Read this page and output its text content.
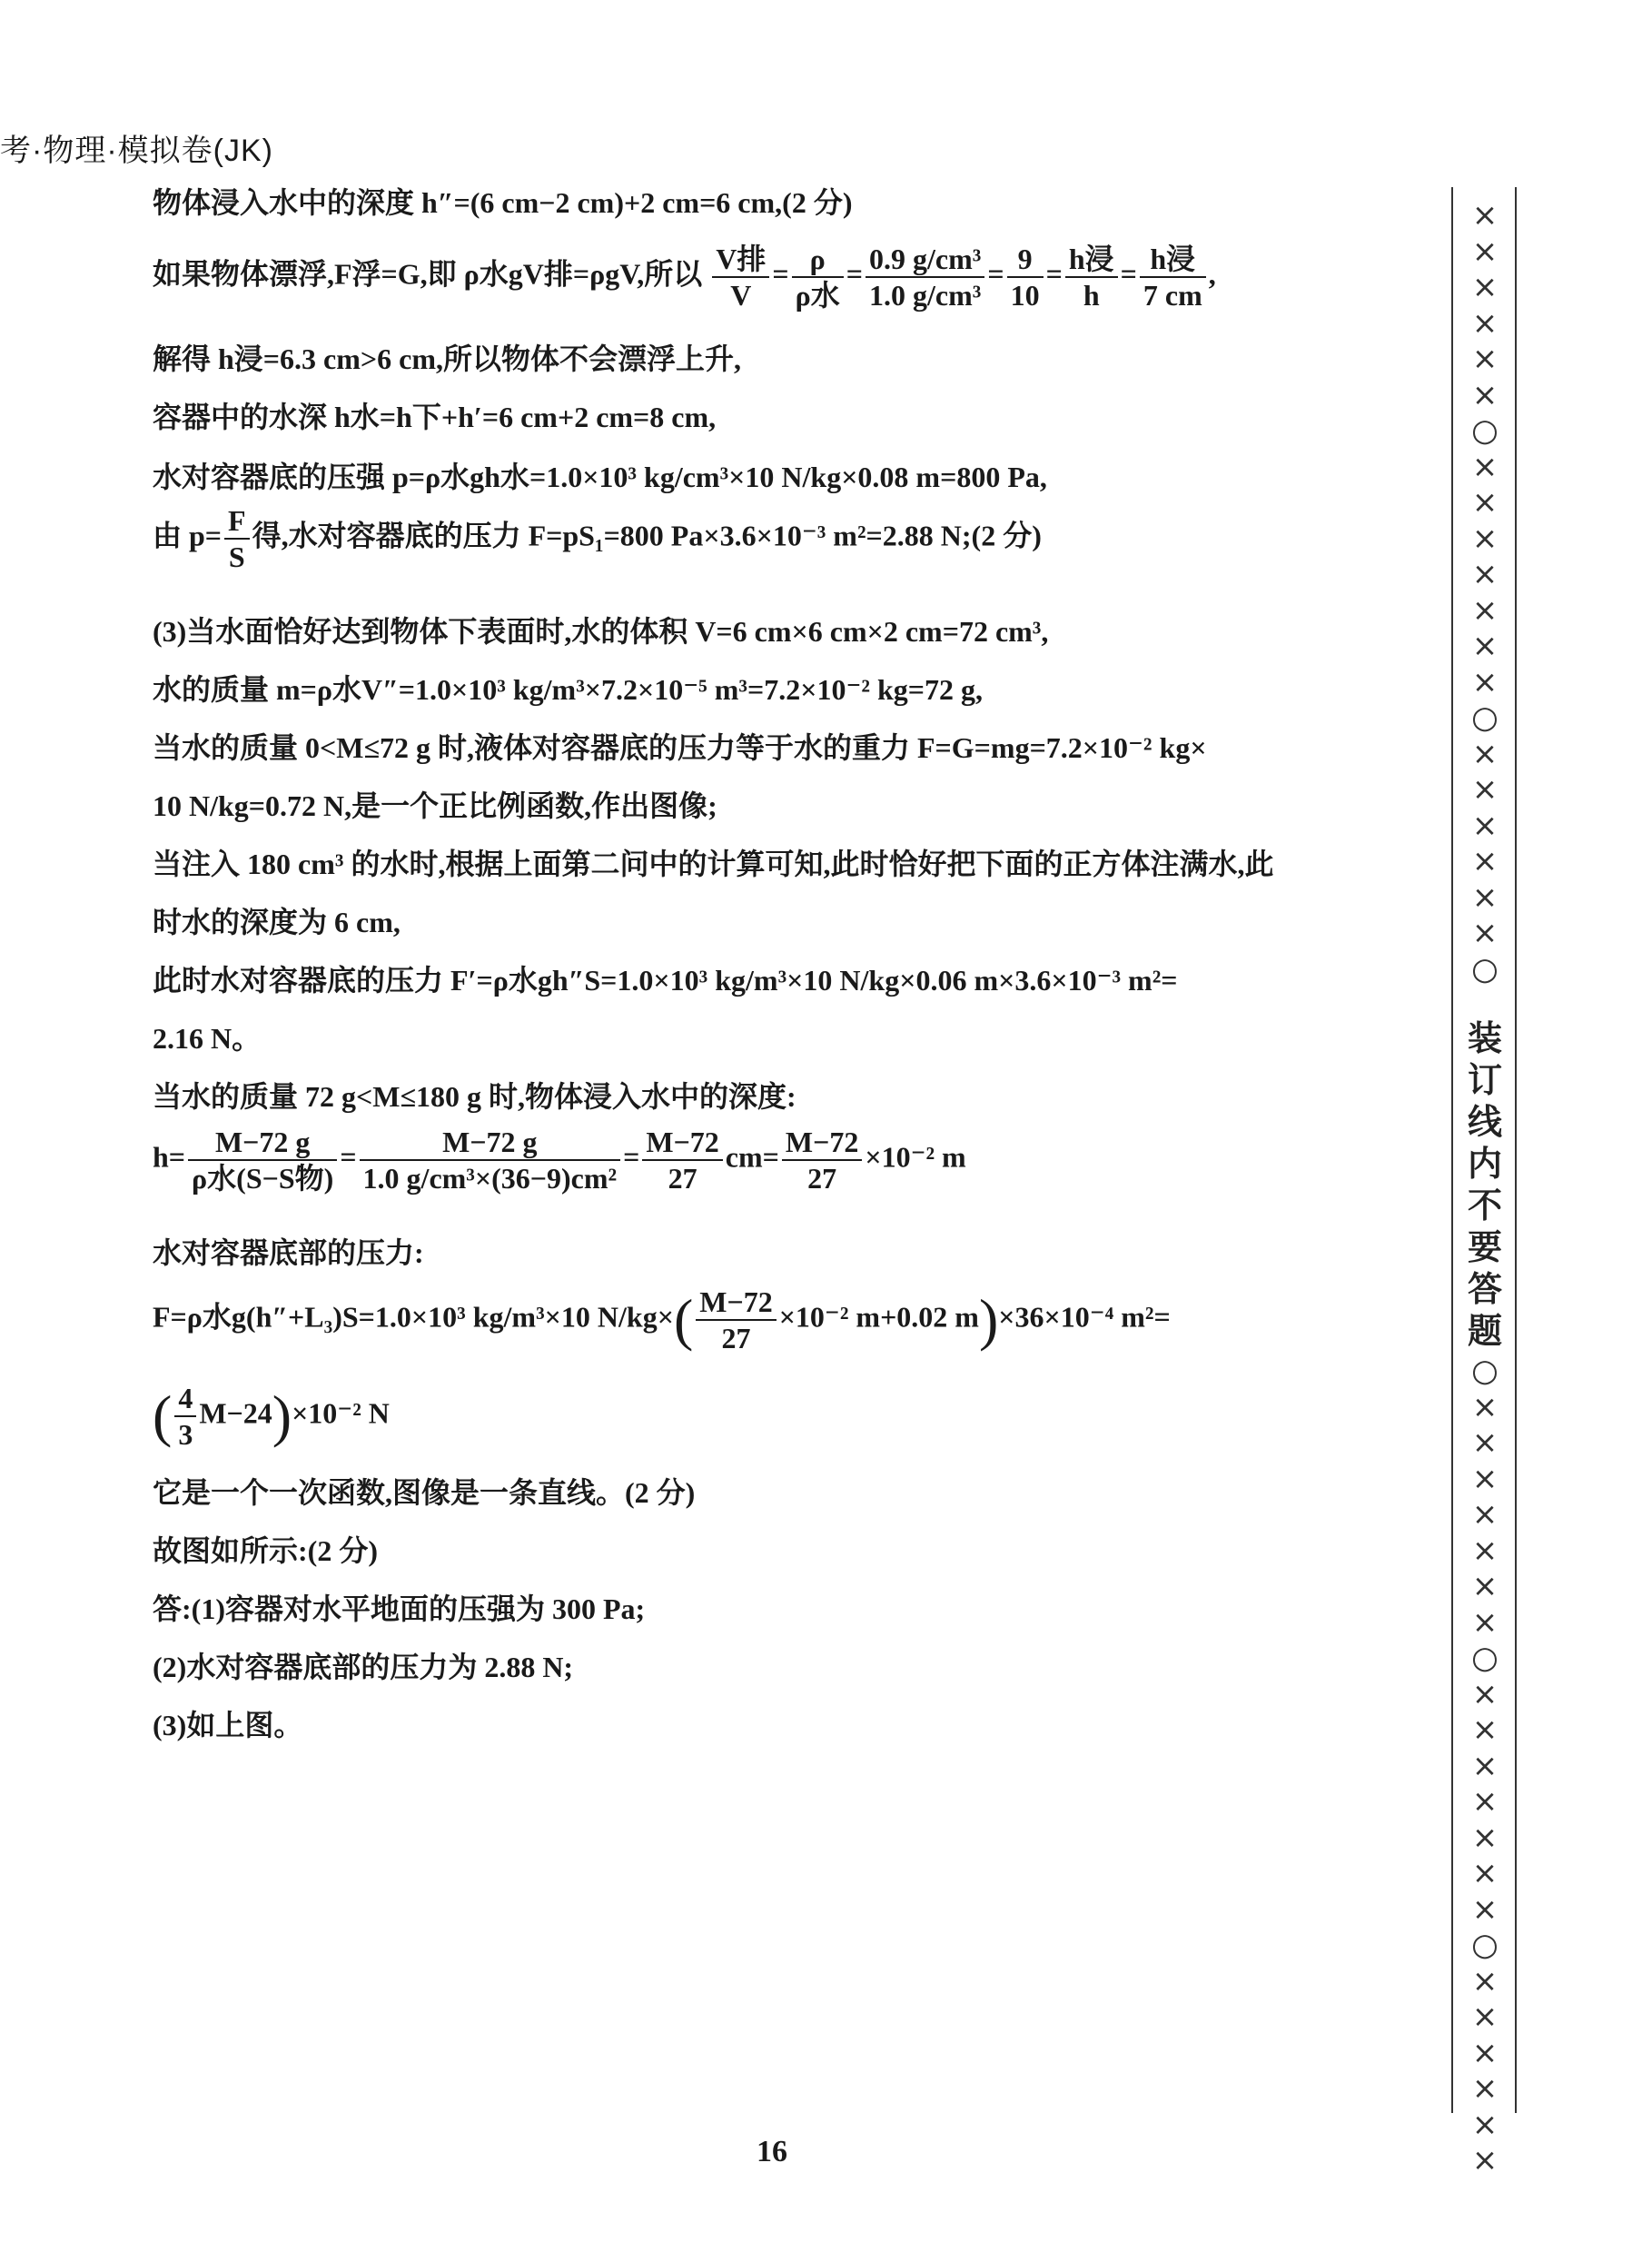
考·物理·模拟卷(JK)
×
×
×
×
×
×
○
×
×
×
×
×
×
×
○
×
×
×
×
×
×
○
装
订
线
内
不
要
答
题
○
×
×
×
×
×
×
×
○
×
×
×
×
×
×
×
○
×
×
×
×
×
×
物体浸入水中的深度 h″=(6 cm−2 cm)+2 cm=6 cm,(2 分)
如果物体漂浮,F浮=G,即 ρ水gV排=ρgV,所以 $\frac{\text{V排}}{V} = \frac{\rho}{\text{ρ水}} = \frac{\text{0.9 g/cm³}}{\text{1.0 g/cm³}} = \frac{9}{10} = \frac{\text{h浸}}{h} = \frac{\text{h浸}}{7 cm}$ ,
解得 h浸=6.3 cm>6 cm,所以物体不会漂浮上升,
容器中的水深 h水=h下+h′=6 cm+2 cm=8 cm,
水对容器底的压强 p=ρ水gh水=1.0×10³ kg/cm³×10 N/kg×0.08 m=800 Pa,
由 $p= \frac{F}{S}$ 得,水对容器底的压力 F=pS₁=800 Pa×3.6×10⁻³ m²=2.88 N;(2 分)
(3)当水面恰好达到物体下表面时,水的体积 V=6 cm×6 cm×2 cm=72 cm³,
水的质量 m=ρ水V″=1.0×10³ kg/m³×7.2×10⁻⁵ m³=7.2×10⁻² kg=72 g,
当水的质量 0<M≤72 g 时,液体对容器底的压力等于水的重力 F=G=mg=7.2×10⁻² kg×
10 N/kg=0.72 N,是一个正比例函数,作出图像;
当注入 180 cm³ 的水时,根据上面第二问中的计算可知,此时恰好把下面的正方体注满水,此
时水的深度为 6 cm,
此时水对容器底的压力 F′=ρ水gh″S=1.0×10³ kg/m³×10 N/kg×0.06 m×3.6×10⁻³ m²=
2.16 N。
当水的质量 72 g<M≤180 g 时,物体浸入水中的深度:
$h= \frac{M-72 g}{\text{ρ水(S−S物)}} = \frac{M-72 g}{\text{1.0 g/cm³×(36−9)cm²}} = \frac{M-72}{27} cm= \frac{M-72}{27} \times 10^{-2}$ m
水对容器底部的压力:
F=ρ水g(h″+L₃)S=1.0×10³ kg/m³×10 $N/kg\times( \frac{M-72}{27} \times 10^{-2}$ m+0.02 m)×36×10⁻⁴ m²=
( $\frac{4}{3} M-24)\times 10^{-2}$ N
它是一个一次函数,图像是一条直线。(2 分)
故图如所示:(2 分)
答:(1)容器对水平地面的压强为 300 Pa;
(2)水对容器底部的压力为 2.88 N;
(3)如上图。
16
